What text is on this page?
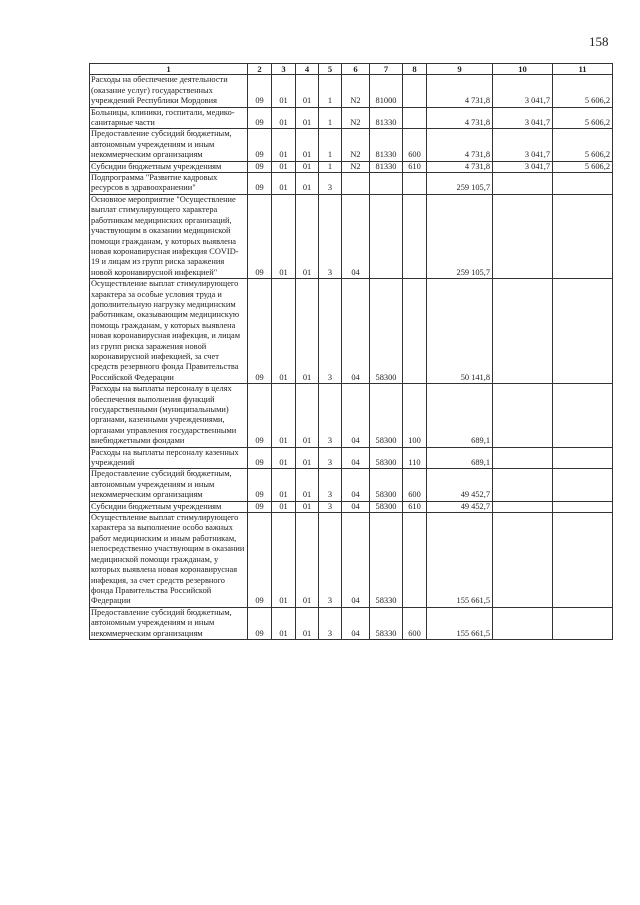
158
1	2	3	4	5	6	7	8	9	10	11
Расходы на обеспечение деятельности (оказание услуг) государственных учреждений Республики Мордовия	09	01	01	1	N2	81000		4 731,8	3 041,7	5 606,2
Больницы, клиники, госпитали, медико-санитарные части	09	01	01	1	N2	81330		4 731,8	3 041,7	5 606,2
Предоставление субсидий бюджетным, автономным учреждениям и иным некоммерческим организациям	09	01	01	1	N2	81330	600	4 731,8	3 041,7	5 606,2
Субсидии бюджетным учреждениям	09	01	01	1	N2	81330	610	4 731,8	3 041,7	5 606,2
Подпрограмма "Развитие кадровых ресурсов в здравоохранении"	09	01	01	3				259 105,7		
Основное мероприятие "Осуществление выплат стимулирующего характера работникам медицинских организаций, участвующим в оказании медицинской помощи гражданам, у которых выявлена новая коронавирусная инфекция COVID-19 и лицам из групп риска заражения новой коронавирусной инфекцией"	09	01	01	3	04			259 105,7		
Осуществление выплат стимулирующего характера за особые условия труда и дополнительную нагрузку медицинским работникам, оказывающим медицинскую помощь гражданам, у которых выявлена новая коронавирусная инфекция, и лицам из групп риска заражения новой коронавирусной инфекцией, за счет средств резервного фонда Правительства Российской Федерации	09	01	01	3	04	58300		50 141,8		
Расходы на выплаты персоналу в целях обеспечения выполнения функций государственными (муниципальными) органами, казенными учреждениями, органами управления государственными внебюджетными фондами	09	01	01	3	04	58300	100	689,1		
Расходы на выплаты персоналу казенных учреждений	09	01	01	3	04	58300	110	689,1		
Предоставление субсидий бюджетным, автономным учреждениям и иным некоммерческим организациям	09	01	01	3	04	58300	600	49 452,7		
Субсидии бюджетным учреждениям	09	01	01	3	04	58300	610	49 452,7		
Осуществление выплат стимулирующего характера за выполнение особо важных работ медицинским и иным работникам, непосредственно участвующим в оказании медицинской помощи гражданам, у которых выявлена новая коронавирусная инфекция, за счет средств резервного фонда Правительства Российской Федерации	09	01	01	3	04	58330		155 661,5		
Предоставление субсидий бюджетным, автономным учреждениям и иным некоммерческим организациям	09	01	01	3	04	58330	600	155 661,5		
